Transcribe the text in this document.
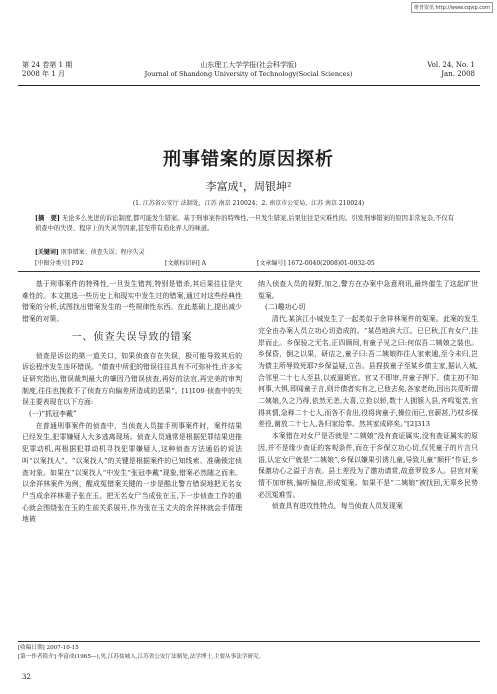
维普资讯 http://www.cqvip.com
第 24 卷第 1 期
2008 年 1 月
山东理工大学学报(社会科学版)
Journal of Shandong University of Technology(Social Sciences)
Vol. 24, No. 1
Jan. 2008
刑事错案的原因探析
李富成¹，周银坤²
(1. 江苏省公安厅 法制处，江苏 南京 210024；2. 南京市公安局，江苏 南京 210024)
[摘　要] 无论多么先进的诉讼制度,都可能发生错案。基于刑事案件的特殊性,一旦发生错案,后果往往是灾难性的。引发刑事错案的原因非常复杂,不仅有侦查中的失误、程序上的失灵等因素,甚至带有造化弄人的味道。
[关键词] 刑事错案；侦查失误；程序失灵
[中图分类号] F92	[文献标识码] A	[文章编号] 1672-0040(2008)01-0032-05

基于刑事案件的特殊性,一旦发生错判,特别是错杀,其后果往往是灾难性的。本文挑选一些历史上和现实中发生过的错案,通过对这些经典性错案的分析,试图找出错案发生的一些规律性东西。在此基础上,提出减少错案的对策。

一、侦查失误导致的错案

侦查是诉讼的第一道关口，如果侦查存在失误，极可能导致其后的诉讼程序发生连环错误。“债查中所犯的错误往往具有不可弥补性,许多实证研究指出,错误裁判最大的肇因乃错误侦查,再好的法官,再完美的审判制度,往往也挽救不了侦查方向偏差所造成的恶果”。[1]109 侦查中的失误主要表现在以下方面:

(一)“抓冠李戴”

在普通刑事案件的侦查中，当侦查人员接手刑事案件时，案件结果已经发生,犯罪嫌疑人大多逃离现场。侦查人员通常是根据犯罪结果进推犯罪动机,再根据犯罪动机寻找犯罪嫌疑人,这种侦查方法通俗的说法叫“以案找人”。“以案找人”的关键是根据案件的已知线索、准确锁定侦查对象。如果在“以案找人”中发生“张冠李戴”现象,错案必然随之而来。以余祥林案件为例，醒成冤错案关键的一步是酷北警方错误地把无名女尸当成余祥林妻子张在玉。把无名女尸当成张在玉,下一步侦查工作的重心就会围绕张在玉的生前关系展开,作为张在玉丈夫的余祥林就会手情理地被

纳入侦查人员的视野,加之,警方在办案中急意刑讯,最终催生了这起旷世冤案。

(二)趣功心切

清代,某滨江小城发生了一起类似于余祥林案件的冤案。此案的发生完全由办案人员立功心切造成的。“某邑地滨大江。已巳秋,江有女尸,挂岸而止。乡保验之无名,正四顾间,有童子见之曰:何似吾二姨娘之装也。乡保昏，倒之以果，研诘之,童子曰:吾二姨娘昨往人家索逋,至今未归,岂为债主所辱致死耶?乡保益疑,立告。县捏拔童子至某乡债主家,据认入城,合邻里二十七人至县,以戒逼毙官。官又不即审,并童子押下。债主初不知何事,大惧,即闻童子言,则计债者实有之,已他去矣,各家老幼,因出共觅昕谓二姨娘,久之乃得,依然无恙,大喜,立抢以轿,数十人拥簇入县,齐鸣冤苦,官得其情,急释二十七人,而各不肯出,役将询童子,操位而已,官薪甚,乃杖乡保差役,谢放二十七人,各归家给奉。然其家成碎矣。”[2]313

本案错在对女尸是否就是“二姨娘”没有查证属实,没有查证属实的原因,并不是缘少查证的客观条件,而在于乡保立功心切,仅凭童子的片言只语,认定女尸就是“二姨娘”,乡保以嫌果引诱儿童,导致儿童“顺杆”作证,乡保激功心之溢于言表。县上差役为了邀功请赏,故意罗致多人。县官对案情不加审核,偏听偏信,形成冤案。如果不是“二姨娘”被找回,无辜乡民势必沉冤难雪。

侦查具有进攻性特点，每当侦查人员发现案

[收稿日期] 2007-10-15
[第一作者简介] 李富成(1965—),男,江苏盐城人,江苏省公安厅法制处,法学博士,主要从事法学研究。
32
